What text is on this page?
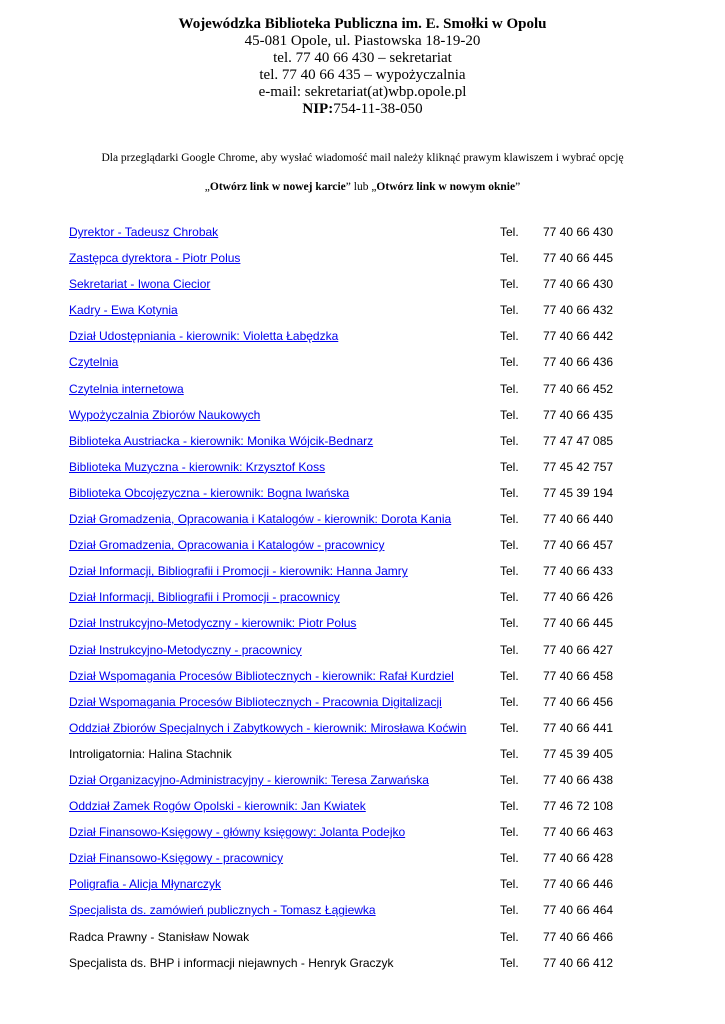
Wojewódzka Biblioteka Publiczna im. E. Smołki w Opolu
45-081 Opole, ul. Piastowska 18-19-20
tel. 77 40 66 430 – sekretariat
tel. 77 40 66 435 – wypożyczalnia
e-mail: sekretariat(at)wbp.opole.pl
NIP:754-11-38-050
Dla przeglądarki Google Chrome, aby wysłać wiadomość mail należy kliknąć prawym klawiszem i wybrać opcję
„Otwórz link w nowej karcie” lub „Otwórz link w nowym oknie”
Dyrektor - Tadeusz Chrobak	Tel. 77 40 66 430
Zastępca dyrektora - Piotr Polus	Tel. 77 40 66 445
Sekretariat - Iwona Ciecior	Tel. 77 40 66 430
Kadry - Ewa Kotynia	Tel. 77 40 66 432
Dział Udostępniania - kierownik: Violetta Łabędzka	Tel. 77 40 66 442
Czytelnia	Tel. 77 40 66 436
Czytelnia internetowa	Tel. 77 40 66 452
Wypożyczalnia Zbiorów Naukowych	Tel. 77 40 66 435
Biblioteka Austriacka - kierownik: Monika Wójcik-Bednarz	Tel. 77 47 47 085
Biblioteka Muzyczna - kierownik: Krzysztof Koss	Tel. 77 45 42 757
Biblioteka Obcojęzyczna - kierownik: Bogna Iwańska	Tel. 77 45 39 194
Dział Gromadzenia, Opracowania i Katalogów - kierownik: Dorota Kania	Tel. 77 40 66 440
Dział Gromadzenia, Opracowania i Katalogów - pracownicy	Tel. 77 40 66 457
Dział Informacji, Bibliografii i Promocji - kierownik: Hanna Jamry	Tel. 77 40 66 433
Dział Informacji, Bibliografii i Promocji - pracownicy	Tel. 77 40 66 426
Dział Instrukcyjno-Metodyczny - kierownik: Piotr Polus	Tel. 77 40 66 445
Dział Instrukcyjno-Metodyczny - pracownicy	Tel. 77 40 66 427
Dział Wspomagania Procesów Bibliotecznych - kierownik: Rafał Kurdziel	Tel. 77 40 66 458
Dział Wspomagania Procesów Bibliotecznych - Pracownia Digitalizacji	Tel. 77 40 66 456
Oddział Zbiorów Specjalnych i Zabytkowych - kierownik: Mirosława Koćwin	Tel. 77 40 66 441
Introligatornia: Halina Stachnik	Tel. 77 45 39 405
Dział Organizacyjno-Administracyjny - kierownik: Teresa Zarwańska	Tel. 77 40 66 438
Oddział Zamek Rogów Opolski - kierownik: Jan Kwiatek	Tel. 77 46 72 108
Dział Finansowo-Księgowy - główny księgowy: Jolanta Podejko	Tel. 77 40 66 463
Dział Finansowo-Księgowy - pracownicy	Tel. 77 40 66 428
Poligrafia - Alicja Młynarczyk	Tel. 77 40 66 446
Specjalista ds. zamówień publicznych - Tomasz Łągiewka	Tel. 77 40 66 464
Radca Prawny - Stanisław Nowak	Tel. 77 40 66 466
Specjalista ds. BHP i informacji niejawnych - Henryk Graczyk	Tel. 77 40 66 412
